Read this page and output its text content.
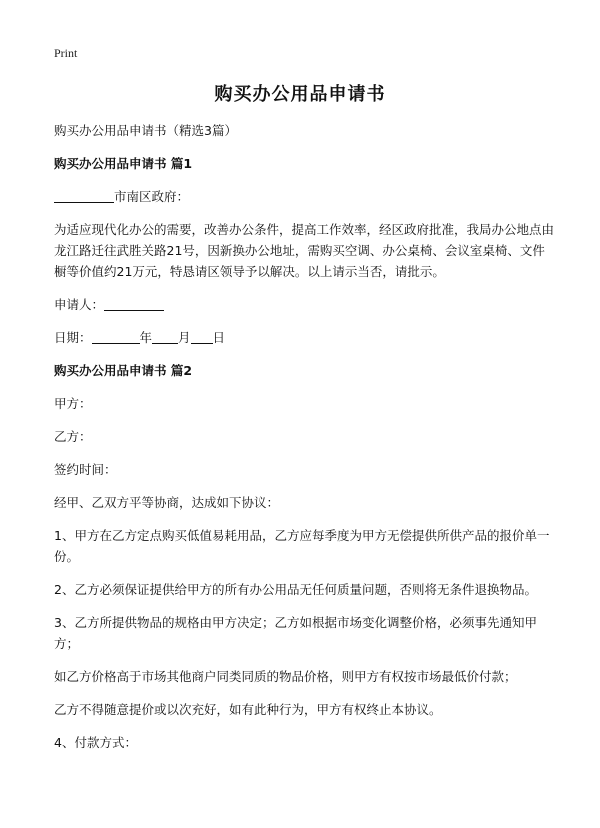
Print
购买办公用品申请书

购买办公用品申请书（精选3篇）

购买办公用品申请书 篇1

市南区政府：

为适应现代化办公的需要，改善办公条件，提高工作效率，经区政府批准，我局办公地点由龙江路迁往武胜关路21号，因新换办公地址，需购买空调、办公桌椅、会议室桌椅、文件橱等价值约21万元，特恳请区领导予以解决。以上请示当否，请批示。

申请人：

日期：	年 月 日

购买办公用品申请书 篇2

甲方：

乙方：

签约时间：

经甲、乙双方平等协商，达成如下协议：

1、甲方在乙方定点购买低值易耗用品，乙方应每季度为甲方无偿提供所供产品的报价单一份。

2、乙方必须保证提供给甲方的所有办公用品无任何质量问题，否则将无条件退换物品。

3、乙方所提供物品的规格由甲方决定；乙方如根据市场变化调整价格，必须事先通知甲方；

如乙方价格高于市场其他商户同类同质的物品价格，则甲方有权按市场最低价付款；

乙方不得随意提价或以次充好，如有此种行为，甲方有权终止本协议。

4、付款方式：
